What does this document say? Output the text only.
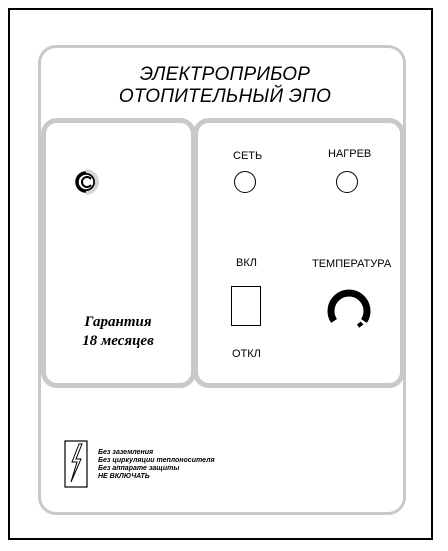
ЭЛЕКТРОПРИБОР ОТОПИТЕЛЬНЫЙ ЭПО
Гарантия
18 месяцев
СЕТЬ	НАГРЕВ
ВКЛ
ОТКЛ
ТЕМПЕРАТУРА
Без заземления
Без циркуляции теплоносителя
Без аппарате защиты
НЕ ВКЛЮЧАТЬ
